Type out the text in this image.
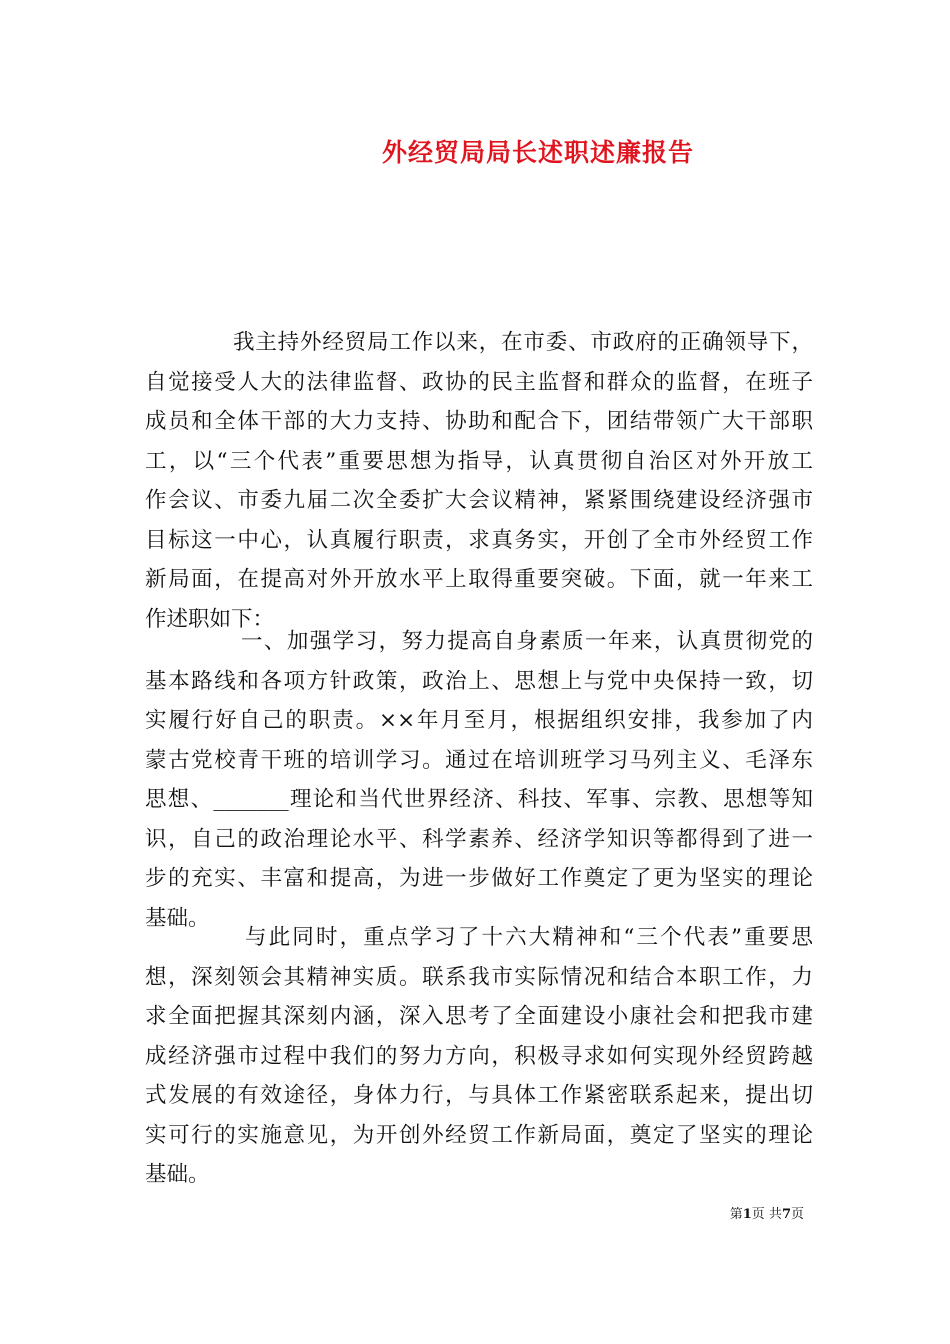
外经贸局局长述职述廉报告
我主持外经贸局工作以来，在市委、市政府的正确领导下，
自觉接受人大的法律监督、政协的民主监督和群众的监督，在班子
成员和全体干部的大力支持、协助和配合下，团结带领广大干部职
工，以“三个代表”重要思想为指导，认真贯彻自治区对外开放工
作会议、市委九届二次全委扩大会议精神，紧紧围绕建设经济强市
目标这一中心，认真履行职责，求真务实，开创了全市外经贸工作
新局面，在提高对外开放水平上取得重要突破。下面，就一年来工
作述职如下：
一、加强学习，努力提高自身素质一年来，认真贯彻党的
基本路线和各项方针政策，政治上、思想上与党中央保持一致，切
实履行好自己的职责。××年月至月，根据组织安排，我参加了内
蒙古党校青干班的培训学习。通过在培训班学习马列主义、毛泽东
思想、_______理论和当代世界经济、科技、军事、宗教、思想等知
识，自己的政治理论水平、科学素养、经济学知识等都得到了进一
步的充实、丰富和提高，为进一步做好工作奠定了更为坚实的理论
基础。
与此同时，重点学习了十六大精神和“三个代表”重要思
想，深刻领会其精神实质。联系我市实际情况和结合本职工作，力
求全面把握其深刻内涵，深入思考了全面建设小康社会和把我市建
成经济强市过程中我们的努力方向，积极寻求如何实现外经贸跨越
式发展的有效途径，身体力行，与具体工作紧密联系起来，提出切
实可行的实施意见，为开创外经贸工作新局面，奠定了坚实的理论
基础。
第1页 共7页
